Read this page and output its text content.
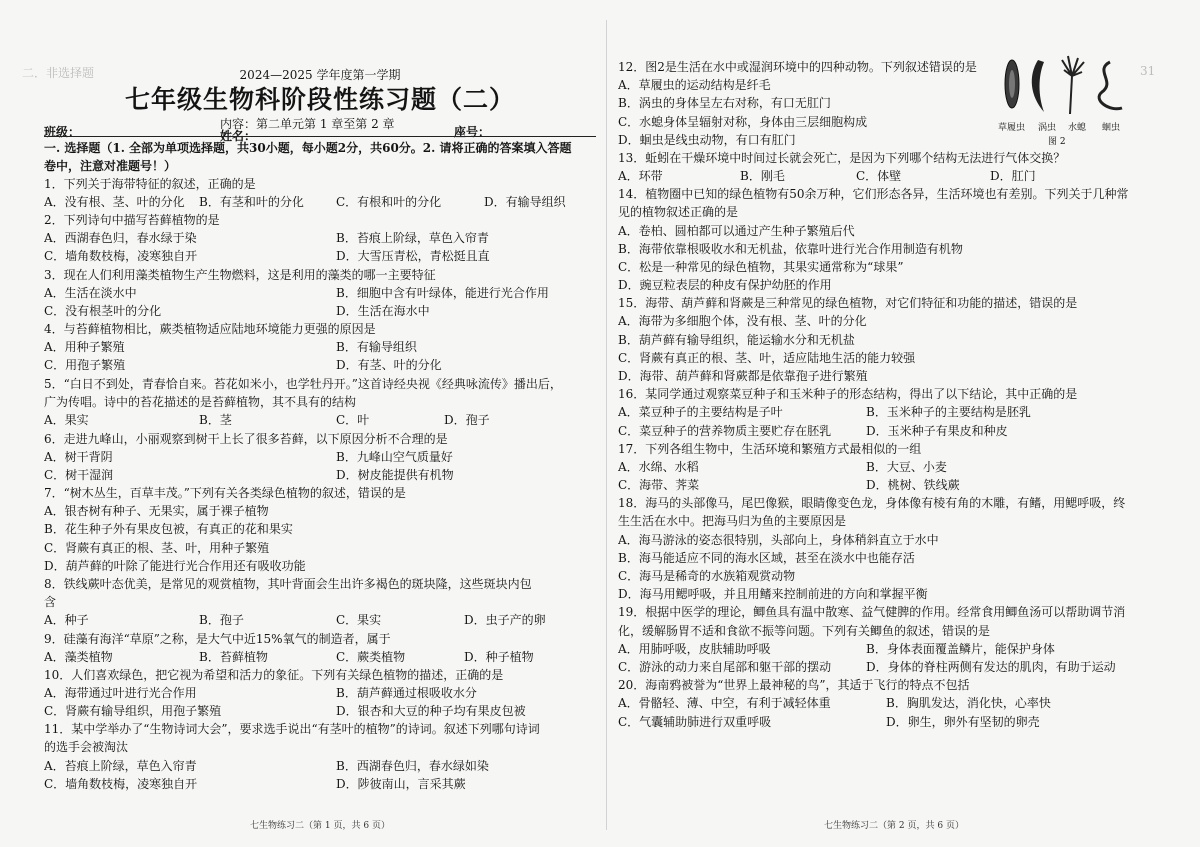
二．非选择题	31
2024—2025 学年度第一学期
七年级生物科阶段性练习题（二）
班级：
内容：第二单元第 1 章至第 2 章
姓名：	座号：
一. 选择题（1. 全部为单项选择题，共30小题，每小题2分，共60分。2. 请将正确的答案填入答题
卷中，注意对准题号！）
1．下列关于海带特征的叙述，正确的是
A．没有根、茎、叶的分化 B．有茎和叶的分化	C．有根和叶的分化	D．有输导组织
2．下列诗句中描写苔藓植物的是
A．西湖春色归，春水绿于染	B．苔痕上阶绿，草色入帘青
C．墙角数枝梅，凌寒独自开	D．大雪压青松，青松挺且直
3．现在人们利用藻类植物生产生物燃料，这是利用的藻类的哪一主要特征
A．生活在淡水中	B．细胞中含有叶绿体，能进行光合作用
C．没有根茎叶的分化	D．生活在海水中
4．与苔藓植物相比，蕨类植物适应陆地环境能力更强的原因是
A．用种子繁殖	B．有输导组织
C．用孢子繁殖	D．有茎、叶的分化
5．“白日不到处，青春恰自来。苔花如米小，也学牡丹开。”这首诗经央视《经典咏流传》播出后，
广为传唱。诗中的苔花描述的是苔藓植物，其不具有的结构
A．果实	B．茎	C．叶	D．孢子
6．走进九峰山，小丽观察到树干上长了很多苔藓，以下原因分析不合理的是
A．树干背阴	B．九峰山空气质量好
C．树干湿润	D．树皮能提供有机物
7．“树木丛生，百草丰茂。”下列有关各类绿色植物的叙述，错误的是
A．银杏树有种子、无果实，属于裸子植物
B．花生种子外有果皮包被，有真正的花和果实
C．肾蕨有真正的根、茎、叶，用种子繁殖
D．葫芦藓的叶除了能进行光合作用还有吸收功能
8．铁线蕨叶态优美，是常见的观赏植物，其叶背面会生出许多褐色的斑块隆，这些斑块内包
含
A．种子	B．孢子	C．果实	D．虫子产的卵
9．硅藻有海洋“草原”之称，是大气中近15%氧气的制造者，属于
A．藻类植物	B．苔藓植物	C．蕨类植物	D．种子植物
10．人们喜欢绿色，把它视为希望和活力的象征。下列有关绿色植物的描述，正确的是
A．海带通过叶进行光合作用	B．葫芦藓通过根吸收水分
C．肾蕨有输导组织，用孢子繁殖	D．银杏和大豆的种子均有果皮包被
11．某中学举办了“生物诗词大会”，要求选手说出“有茎叶的植物”的诗词。叙述下列哪句诗词
的选手会被淘汰
A．苔痕上阶绿，草色入帘青	B．西湖春色归，春水绿如染
C．墙角数枝梅，凌寒独自开	D．陟彼南山，言采其蕨
七生物练习二（第 1 页，共 6 页）
12．图2是生活在水中或湿润环境中的四种动物。下列叙述错误的是
A．草履虫的运动结构是纤毛
B．涡虫的身体呈左右对称，有口无肛门
C．水螅身体呈辐射对称，身体由三层细胞构成
D．蛔虫是线虫动物，有口有肛门
草履虫 涡虫 水螅 蛔虫
图 2
13．蚯蚓在干燥环境中时间过长就会死亡，是因为下列哪个结构无法进行气体交换？
A．环带	B．刚毛	C．体壁	D．肛门
14．植物圈中已知的绿色植物有50余万种，它们形态各异，生活环境也有差别。下列关于几种常
见的植物叙述正确的是
A．卷柏、圆柏都可以通过产生种子繁殖后代
B．海带依靠根吸收水和无机盐，依靠叶进行光合作用制造有机物
C．松是一种常见的绿色植物，其果实通常称为“球果”
D．豌豆粒表层的种皮有保护幼胚的作用
15．海带、葫芦藓和肾蕨是三种常见的绿色植物，对它们特征和功能的描述，错误的是
A．海带为多细胞个体，没有根、茎、叶的分化
B．葫芦藓有输导组织，能运输水分和无机盐
C．肾蕨有真正的根、茎、叶，适应陆地生活的能力较强
D．海带、葫芦藓和肾蕨都是依靠孢子进行繁殖
16．某同学通过观察菜豆种子和玉米种子的形态结构，得出了以下结论，其中正确的是
A．菜豆种子的主要结构是子叶	B．玉米种子的主要结构是胚乳
C．菜豆种子的营养物质主要贮存在胚乳	D．玉米种子有果皮和种皮
17．下列各组生物中，生活环境和繁殖方式最相似的一组
A．水绵、水稻	B．大豆、小麦
C．海带、荠菜	D．桃树、铁线蕨
18．海马的头部像马，尾巴像猴，眼睛像变色龙，身体像有棱有角的木雕，有鳍，用鳃呼吸，终
生生活在水中。把海马归为鱼的主要原因是
A．海马游泳的姿态很特别，头部向上，身体稍斜直立于水中
B．海马能适应不同的海水区域，甚至在淡水中也能存活
C．海马是稀奇的水族箱观赏动物
D．海马用鳃呼吸，并且用鳍来控制前进的方向和掌握平衡
19．根据中医学的理论，鲫鱼具有温中散寒、益气健脾的作用。经常食用鲫鱼汤可以帮助调节消
化，缓解肠胃不适和食欲不振等问题。下列有关鲫鱼的叙述，错误的是
A．用肺呼吸，皮肤辅助呼吸	B．身体表面覆盖鳞片，能保护身体
C．游泳的动力来自尾部和躯干部的摆动	D．身体的脊柱两侧有发达的肌肉，有助于运动
20．海南鸦被誉为“世界上最神秘的鸟”，其适于飞行的特点不包括
A．骨骼轻、薄、中空，有利于减轻体重	B．胸肌发达，消化快，心率快
C．气囊辅助肺进行双重呼吸	D．卵生，卵外有坚韧的卵壳
七生物练习二（第 2 页，共 6 页）
